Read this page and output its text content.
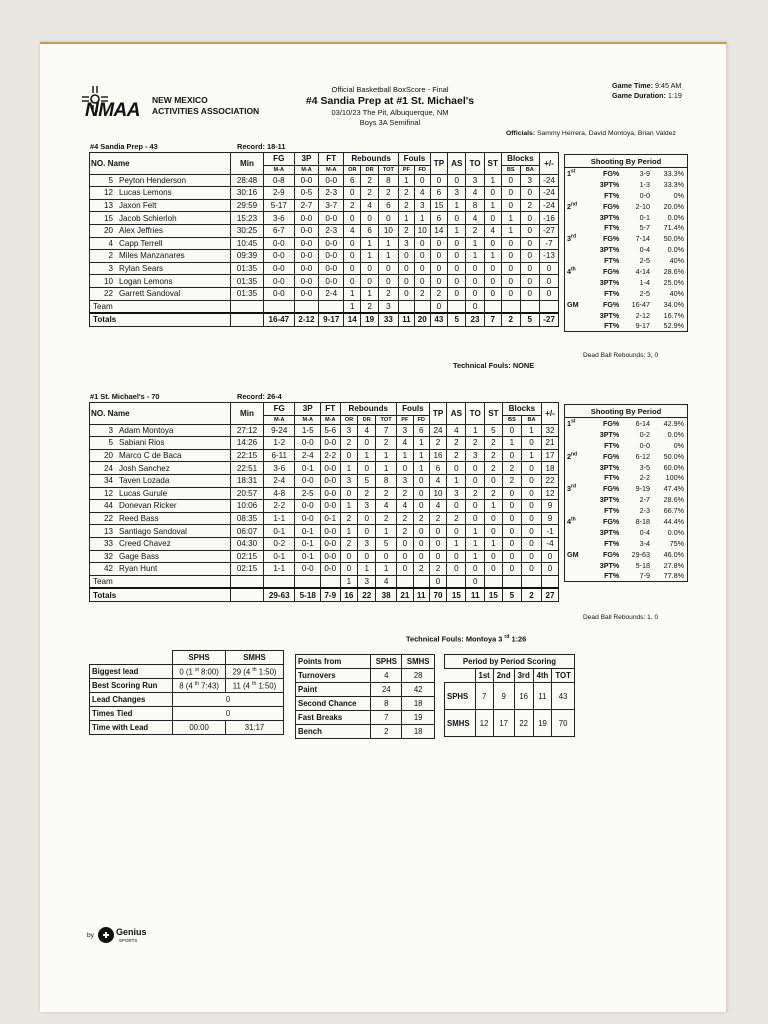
NMAA NEW MEXICO
ACTIVITIES ASSOCIATION
Official Basketball BoxScore - Final
#4 Sandia Prep at #1 St. Michael's
03/10/23 The Pit, Albuquerque, NM
Boys 3A Semifinal
Game Time: 9:45 AM
Game Duration: 1:19
Officials: Sammy Herrera, David Montoya, Brian Valdez
#4 Sandia Prep - 43	Record: 18-11
NO. Name	Min	FG	3P	FT	Rebounds			Fouls		TP	AS	TO	ST	Blocks		+/-
		M-A	M-A	M-A	OR	DR	TOT	PF	FD					BS	BA	
5 Peyton Henderson	28:48	0-8	0-0	0-0	6	2	8	1	0	0	0	3	1	0	3	-24
12 Lucas Lemons	30:16	2-9	0-5	2-3	0	2	2	2	4	6	3	4	0	0	0	-24
13 Jaxon Felt	29:59	5-17	2-7	3-7	2	4	6	2	3	15	1	8	1	0	2	-24
15 Jacob Schierloh	15:23	3-6	0-0	0-0	0	0	0	1	1	6	0	4	0	1	0	-16
20 Alex Jeffries	30:25	6-7	0-0	2-3	4	6	10	2	10	14	1	2	4	1	0	-27
4 Capp Terrell	10:45	0-0	0-0	0-0	0	1	1	3	0	0	0	1	0	0	0	-7
2 Miles Manzanares	09:39	0-0	0-0	0-0	0	1	1	0	0	0	0	1	1	0	0	-13
3 Rylan Sears	01:35	0-0	0-0	0-0	0	0	0	0	0	0	0	0	0	0	0	0
10 Logan Lemons	01:35	0-0	0-0	0-0	0	0	0	0	0	0	0	0	0	0	0	0
22 Garrett Sandoval	01:35	0-0	0-0	2-4	1	1	2	0	2	2	0	0	0	0	0	0
Team					1	2	3			0		0				
Totals		16-47	2-12	9-17	14	19	33	11	20	43	5	23	7	2	5	-27
Technical Fouls: NONE
Shooting By Period			
1st	FG%	3-9	33.3%
	3PT%	1-3	33.3%
	FT%	0-0	0%
2nd	FG%	2-10	20.0%
	3PT%	0-1	0.0%
	FT%	5-7	71.4%
3rd	FG%	7-14	50.0%
	3PT%	0-4	0.0%
	FT%	2-5	40%
4th	FG%	4-14	28.6%
	3PT%	1-4	25.0%
	FT%	2-5	40%
GM	FG%	16-47	34.0%
	3PT%	2-12	16.7%
	FT%	9-17	52.9%
Dead Ball Rebounds: 3, 0
#1 St. Michael's - 70	Record: 26-4
NO. Name	Min	FG	3P	FT	Rebounds			Fouls		TP	AS	TO	ST	Blocks		+/-
		M-A	M-A	M-A	OR	DR	TOT	PF	FD					BS	BA	
3 Adam Montoya	27:12	9-24	1-5	5-6	3	4	7	3	6	24	4	1	5	0	1	32
5 Sabiani Rios	14:26	1-2	0-0	0-0	2	0	2	4	1	2	2	2	2	1	0	21
20 Marco C de Baca	22:15	6-11	2-4	2-2	0	1	1	1	1	16	2	3	2	0	1	17
24 Josh Sanchez	22:51	3-6	0-1	0-0	1	0	1	0	1	6	0	0	2	2	0	18
34 Taven Lozada	18:31	2-4	0-0	0-0	3	5	8	3	0	4	1	0	0	2	0	22
12 Lucas Gurule	20:57	4-8	2-5	0-0	0	2	2	2	0	10	3	2	2	0	0	12
44 Donevan Ricker	10:06	2-2	0-0	0-0	1	3	4	4	0	4	0	0	1	0	0	9
22 Reed Bass	08:35	1-1	0-0	0-1	2	0	2	2	2	2	2	0	0	0	0	9
13 Santiago Sandoval	06:07	0-1	0-1	0-0	1	0	1	2	0	0	0	1	0	0	0	-1
33 Creed Chavez	04:30	0-2	0-1	0-0	2	3	5	0	0	0	1	1	1	0	0	-4
32 Gage Bass	02:15	0-1	0-1	0-0	0	0	0	0	0	0	0	1	0	0	0	0
42 Ryan Hunt	02:15	1-1	0-0	0-0	0	1	1	0	2	2	0	0	0	0	0	0
Team					1	3	4			0		0				
Totals		29-63	5-18	7-9	16	22	38	21	11	70	15	11	15	5	2	27
Technical Fouls: Montoya 3 $^{rd}$ 1:26
Shooting By Period			
1st	FG%	6-14	42.9%
	3PT%	0-2	0.0%
	FT%	0-0	0%
2nd	FG%	6-12	50.0%
	3PT%	3-5	60.0%
	FT%	2-2	100%
3rd	FG%	9-19	47.4%
	3PT%	2-7	28.6%
	FT%	2-3	66.7%
4th	FG%	8-18	44.4%
	3PT%	0-4	0.0%
	FT%	3-4	75%
GM	FG%	29-63	46.0%
	3PT%	5-18	27.8%
	FT%	7-9	77.8%
Dead Ball Rebounds: 1, 0
	SPHS	SMHS
Biggest lead	0 (1 $^{st}$ 8:00)	29 (4 $^{th}$ 1:50)
Best Scoring Run	8 (4 $^{th}$ 7:43)	11 (4 $^{th}$ 1:50)
Lead Changes	0	
Times Tied	0	
Time with Lead	00:00	31:17
Points from	SPHS	SMHS
Turnovers	4	28
Paint	24	42
Second Chance	8	18
Fast Breaks	7	19
Bench	2	18
Period by Period Scoring					
	1st	2nd	3rd	4th	TOT
SPHS	7	9	16	11	43
SMHS	12	17	22	19	70
by Genius
SPORTS
